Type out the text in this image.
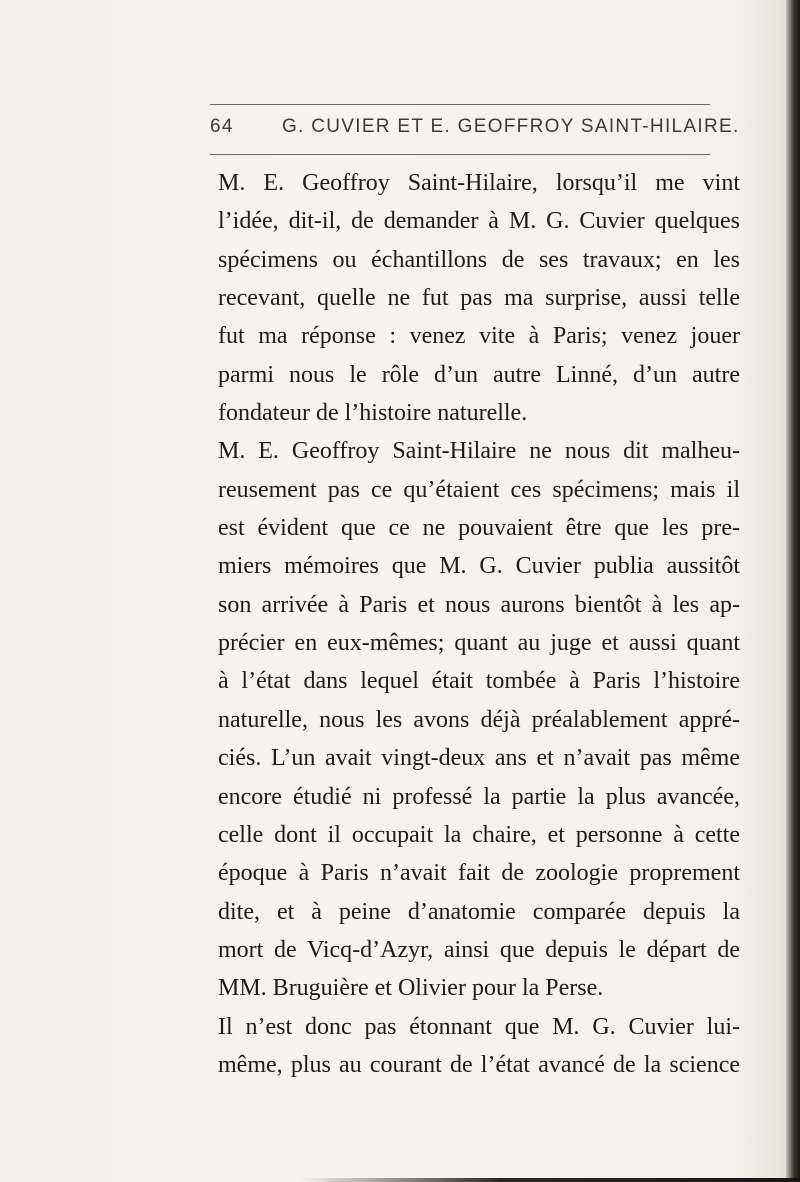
64	G. CUVIER ET E. GEOFFROY SAINT-HILAIRE.
M. E. Geoffroy Saint-Hilaire, lorsqu’il me vint
l’idée, dit-il, de demander à M. G. Cuvier quelques
spécimens ou échantillons de ses travaux; en les
recevant, quelle ne fut pas ma surprise, aussi telle
fut ma réponse : venez vite à Paris; venez jouer
parmi nous le rôle d’un autre Linné, d’un autre
fondateur de l’histoire naturelle.
M. E. Geoffroy Saint-Hilaire ne nous dit malheu-
reusement pas ce qu’étaient ces spécimens; mais il
est évident que ce ne pouvaient être que les pre-
miers mémoires que M. G. Cuvier publia aussitôt
son arrivée à Paris et nous aurons bientôt à les ap-
précier en eux-mêmes; quant au juge et aussi quant
à l’état dans lequel était tombée à Paris l’histoire
naturelle, nous les avons déjà préalablement appré-
ciés. L’un avait vingt-deux ans et n’avait pas même
encore étudié ni professé la partie la plus avancée,
celle dont il occupait la chaire, et personne à cette
époque à Paris n’avait fait de zoologie proprement
dite, et à peine d’anatomie comparée depuis la
mort de Vicq-d’Azyr, ainsi que depuis le départ de
MM. Bruguière et Olivier pour la Perse.
Il n’est donc pas étonnant que M. G. Cuvier lui-
même, plus au courant de l’état avancé de la science
